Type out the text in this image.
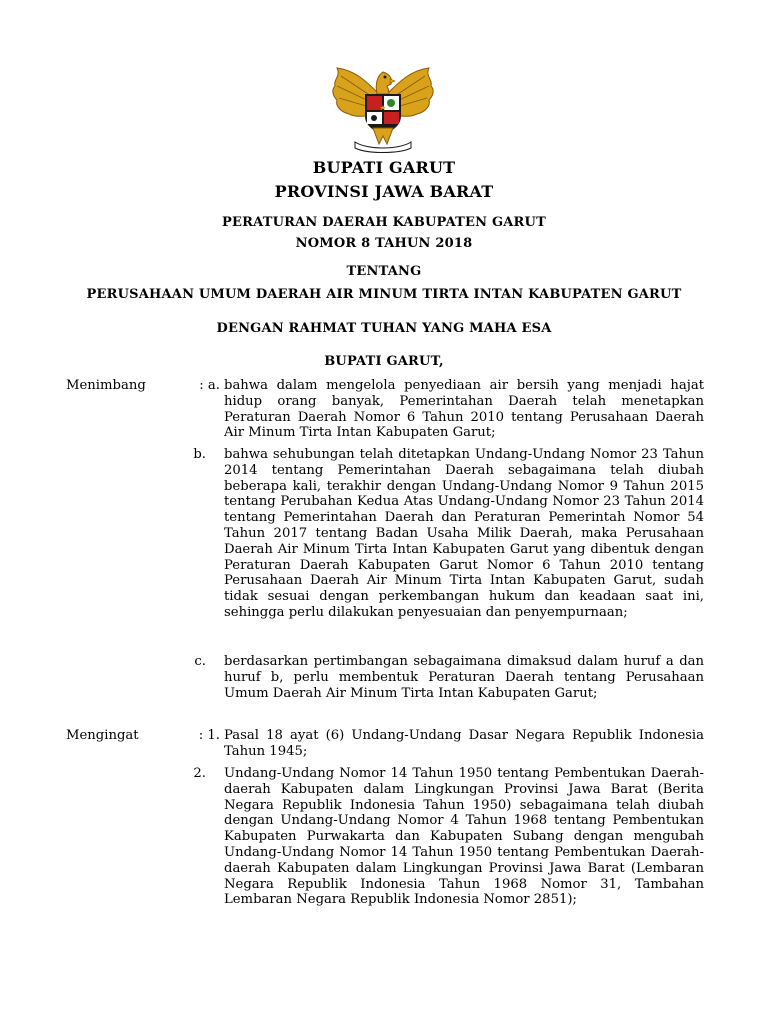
BUPATI GARUT
PROVINSI JAWA BARAT
PERATURAN DAERAH KABUPATEN GARUT
NOMOR 8 TAHUN 2018
TENTANG
PERUSAHAAN UMUM DAERAH AIR MINUM TIRTA INTAN KABUPATEN GARUT
DENGAN RAHMAT TUHAN YANG MAHA ESA
BUPATI GARUT,
Menimbang	: a. bahwa dalam mengelola penyediaan air bersih yang menjadi hajat hidup orang banyak, Pemerintahan Daerah telah menetapkan Peraturan Daerah Nomor 6 Tahun 2010 tentang Perusahaan Daerah Air Minum Tirta Intan Kabupaten Garut;
b. bahwa sehubungan telah ditetapkan Undang-Undang Nomor 23 Tahun 2014 tentang Pemerintahan Daerah sebagaimana telah diubah beberapa kali, terakhir dengan Undang-Undang Nomor 9 Tahun 2015 tentang Perubahan Kedua Atas Undang-Undang Nomor 23 Tahun 2014 tentang Pemerintahan Daerah dan Peraturan Pemerintah Nomor 54 Tahun 2017 tentang Badan Usaha Milik Daerah, maka Perusahaan Daerah Air Minum Tirta Intan Kabupaten Garut yang dibentuk dengan Peraturan Daerah Kabupaten Garut Nomor 6 Tahun 2010 tentang Perusahaan Daerah Air Minum Tirta Intan Kabupaten Garut, sudah tidak sesuai dengan perkembangan hukum dan keadaan saat ini, sehingga perlu dilakukan penyesuaian dan penyempurnaan;
c. berdasarkan pertimbangan sebagaimana dimaksud dalam huruf a dan huruf b, perlu membentuk Peraturan Daerah tentang Perusahaan Umum Daerah Air Minum Tirta Intan Kabupaten Garut;
Mengingat	: 1. Pasal 18 ayat (6) Undang-Undang Dasar Negara Republik Indonesia Tahun 1945;
2. Undang-Undang Nomor 14 Tahun 1950 tentang Pembentukan Daerah-daerah Kabupaten dalam Lingkungan Provinsi Jawa Barat (Berita Negara Republik Indonesia Tahun 1950) sebagaimana telah diubah dengan Undang-Undang Nomor 4 Tahun 1968 tentang Pembentukan Kabupaten Purwakarta dan Kabupaten Subang dengan mengubah Undang-Undang Nomor 14 Tahun 1950 tentang Pembentukan Daerah-daerah Kabupaten dalam Lingkungan Provinsi Jawa Barat (Lembaran Negara Republik Indonesia Tahun 1968 Nomor 31, Tambahan Lembaran Negara Republik Indonesia Nomor 2851);
